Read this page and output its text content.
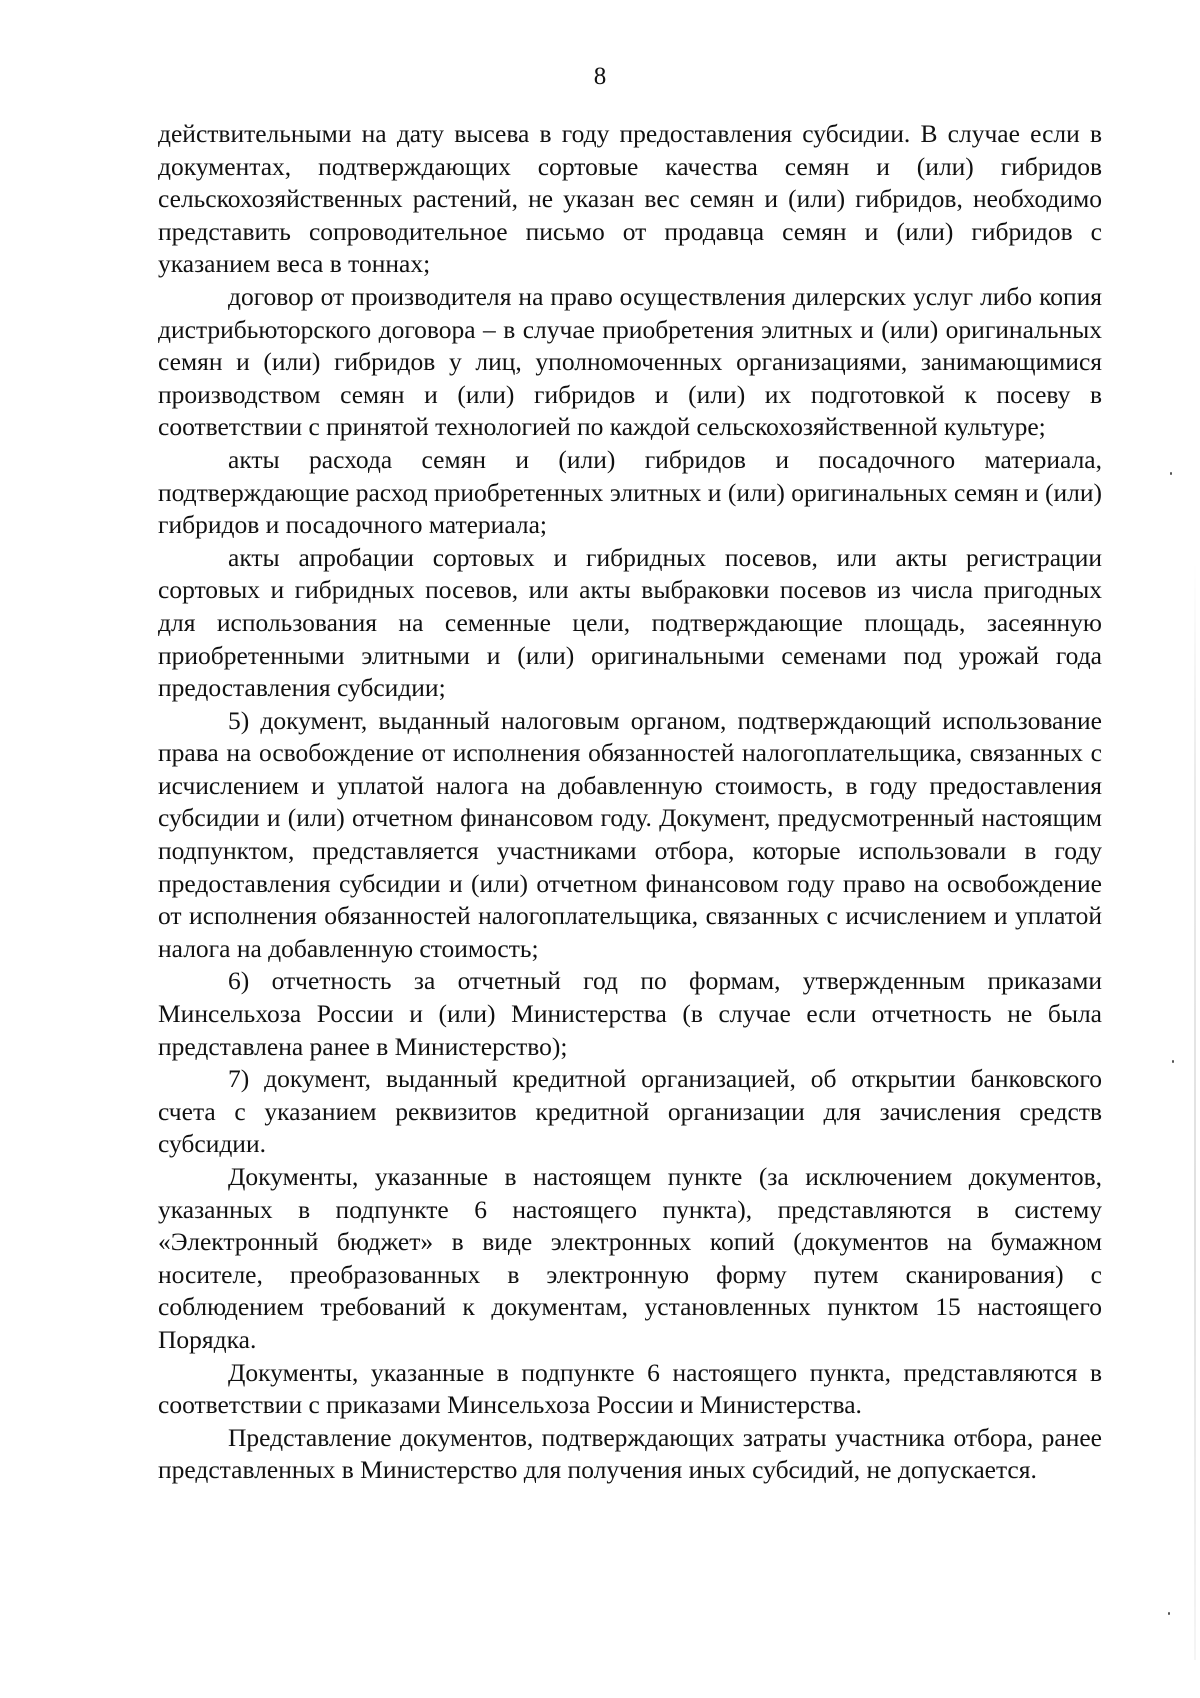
8

действительными на дату высева в году предоставления субсидии. В случае если в документах, подтверждающих сортовые качества семян и (или) гибридов сельскохозяйственных растений, не указан вес семян и (или) гибридов, необходимо представить сопроводительное письмо от продавца семян и (или) гибридов с указанием веса в тоннах;

договор от производителя на право осуществления дилерских услуг либо копия дистрибьюторского договора – в случае приобретения элитных и (или) оригинальных семян и (или) гибридов у лиц, уполномоченных организациями, занимающимися производством семян и (или) гибридов и (или) их подготовкой к посеву в соответствии с принятой технологией по каждой сельскохозяйственной культуре;

акты расхода семян и (или) гибридов и посадочного материала, подтверждающие расход приобретенных элитных и (или) оригинальных семян и (или) гибридов и посадочного материала;

акты апробации сортовых и гибридных посевов, или акты регистрации сортовых и гибридных посевов, или акты выбраковки посевов из числа пригодных для использования на семенные цели, подтверждающие площадь, засеянную приобретенными элитными и (или) оригинальными семенами под урожай года предоставления субсидии;

5) документ, выданный налоговым органом, подтверждающий использование права на освобождение от исполнения обязанностей налогоплательщика, связанных с исчислением и уплатой налога на добавленную стоимость, в году предоставления субсидии и (или) отчетном финансовом году. Документ, предусмотренный настоящим подпунктом, представляется участниками отбора, которые использовали в году предоставления субсидии и (или) отчетном финансовом году право на освобождение от исполнения обязанностей налогоплательщика, связанных с исчислением и уплатой налога на добавленную стоимость;

6) отчетность за отчетный год по формам, утвержденным приказами Минсельхоза России и (или) Министерства (в случае если отчетность не была представлена ранее в Министерство);

7) документ, выданный кредитной организацией, об открытии банковского счета с указанием реквизитов кредитной организации для зачисления средств субсидии.

Документы, указанные в настоящем пункте (за исключением документов, указанных в подпункте 6 настоящего пункта), представляются в систему «Электронный бюджет» в виде электронных копий (документов на бумажном носителе, преобразованных в электронную форму путем сканирования) с соблюдением требований к документам, установленных пунктом 15 настоящего Порядка.

Документы, указанные в подпункте 6 настоящего пункта, представляются в соответствии с приказами Минсельхоза России и Министерства.

Представление документов, подтверждающих затраты участника отбора, ранее представленных в Министерство для получения иных субсидий, не допускается.
